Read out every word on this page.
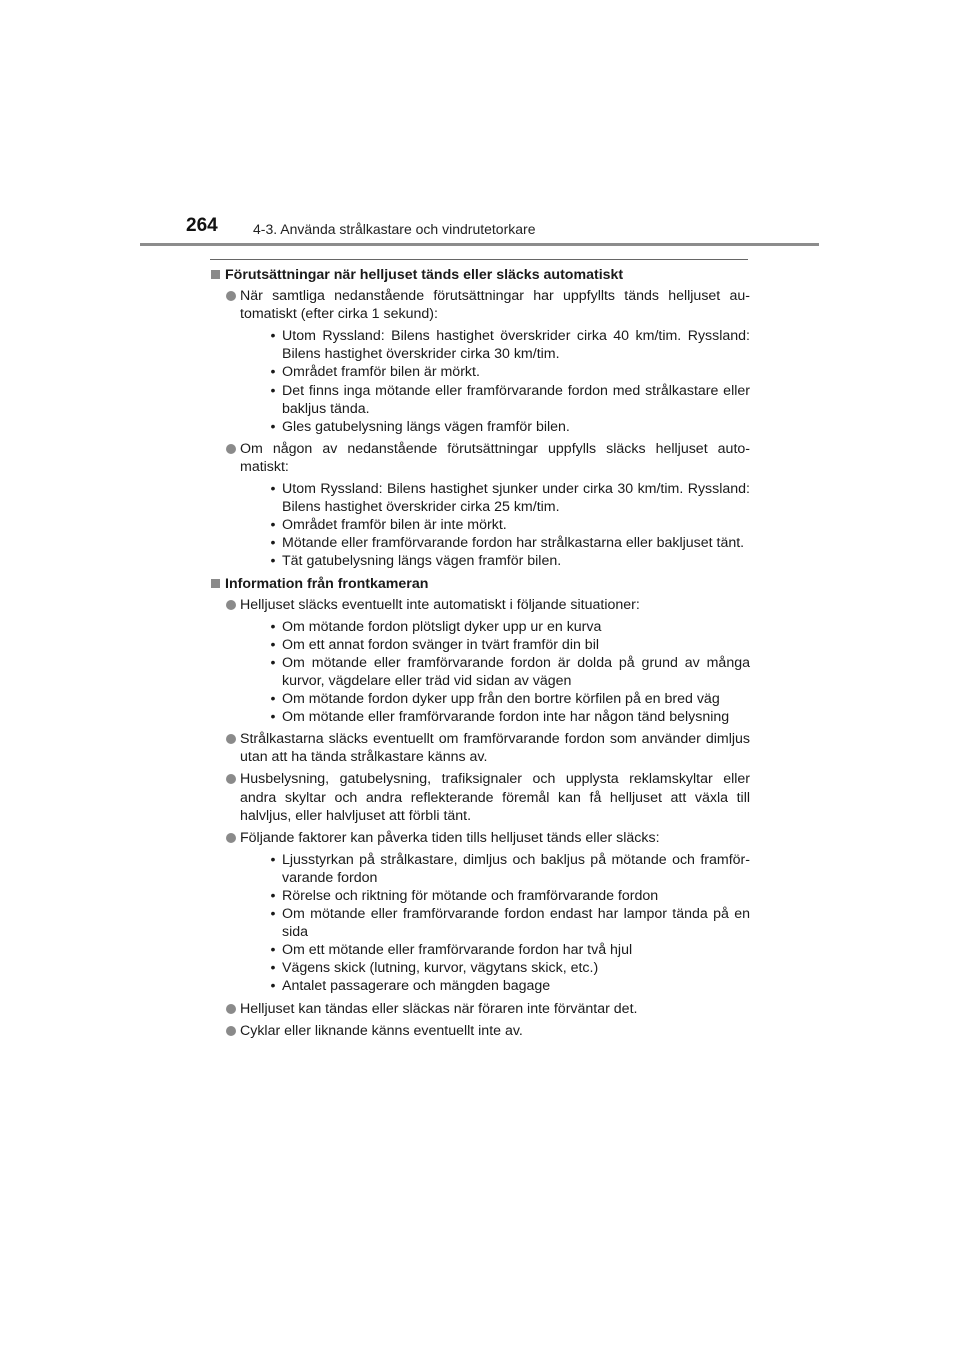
264	4-3. Använda strålkastare och vindrutetorkare
Förutsättningar när helljuset tänds eller släcks automatiskt
När samtliga nedanstående förutsättningar har uppfyllts tänds helljuset au-tomatiskt (efter cirka 1 sekund):
•
Utom Ryssland: Bilens hastighet överskrider cirka 40 km/tim. Ryssland: Bilens hastighet överskrider cirka 30 km/tim.
•
Området framför bilen är mörkt.
•
Det finns inga mötande eller framförvarande fordon med strålkastare eller bakljus tända.
•
Gles gatubelysning längs vägen framför bilen.
Om någon av nedanstående förutsättningar uppfylls släcks helljuset auto-matiskt:
•
Utom Ryssland: Bilens hastighet sjunker under cirka 30 km/tim. Ryssland: Bilens hastighet överskrider cirka 25 km/tim.
•
Området framför bilen är inte mörkt.
•
Mötande eller framförvarande fordon har strålkastarna eller bakljuset tänt.
•
Tät gatubelysning längs vägen framför bilen.
Information från frontkameran
Helljuset släcks eventuellt inte automatiskt i följande situationer:
•
Om mötande fordon plötsligt dyker upp ur en kurva
•
Om ett annat fordon svänger in tvärt framför din bil
•
Om mötande eller framförvarande fordon är dolda på grund av många kurvor, vägdelare eller träd vid sidan av vägen
•
Om mötande fordon dyker upp från den bortre körfilen på en bred väg
•
Om mötande eller framförvarande fordon inte har någon tänd belysning
Strålkastarna släcks eventuellt om framförvarande fordon som använder dimljus utan att ha tända strålkastare känns av.
Husbelysning, gatubelysning, trafiksignaler och upplysta reklamskyltar eller andra skyltar och andra reflekterande föremål kan få helljuset att växla till halvljus, eller halvljuset att förbli tänt.
Följande faktorer kan påverka tiden tills helljuset tänds eller släcks:
•
Ljusstyrkan på strålkastare, dimljus och bakljus på mötande och framför-varande fordon
•
Rörelse och riktning för mötande och framförvarande fordon
•
Om mötande eller framförvarande fordon endast har lampor tända på en sida
•
Om ett mötande eller framförvarande fordon har två hjul
•
Vägens skick (lutning, kurvor, vägytans skick, etc.)
•
Antalet passagerare och mängden bagage
Helljuset kan tändas eller släckas när föraren inte förväntar det.
Cyklar eller liknande känns eventuellt inte av.
